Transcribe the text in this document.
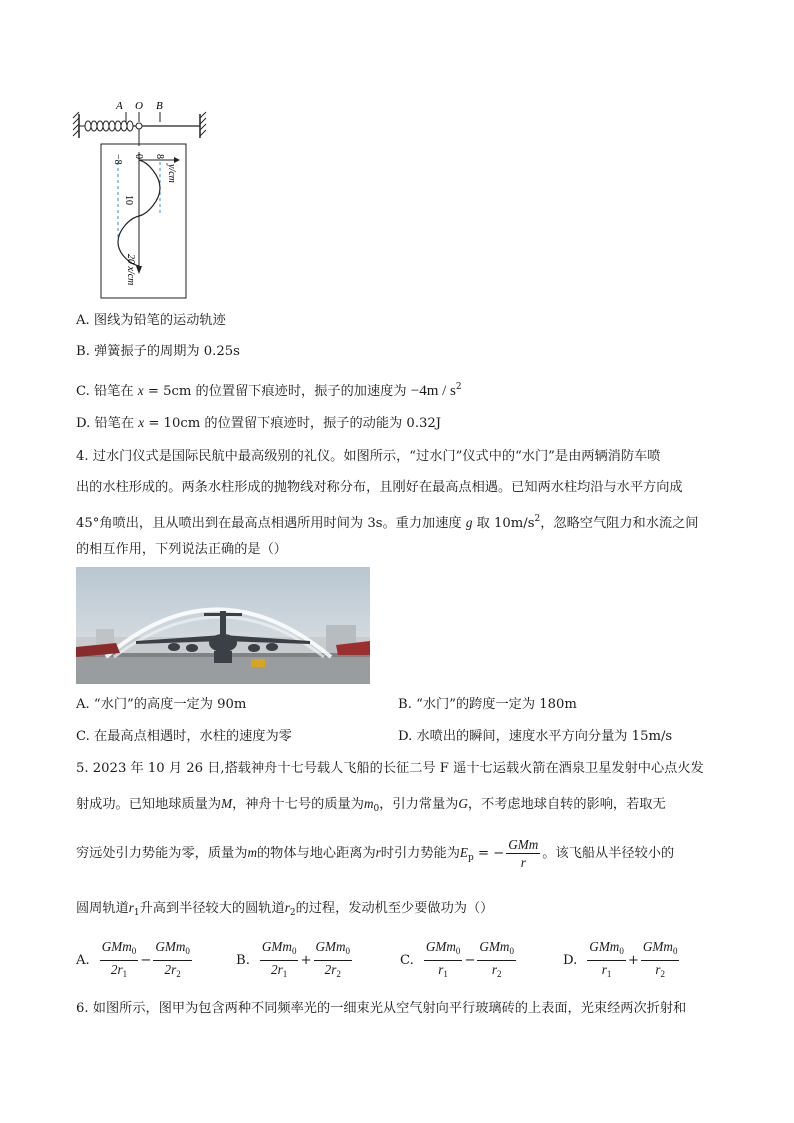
A O B
−8 0 8
10
y/cm
20 x/cm
A. 图线为铅笔的运动轨迹
B. 弹簧振子的周期为 0.25s
C. 铅笔在 x = 5cm 的位置留下痕迹时，振子的加速度为 $-4m / s^2$
D. 铅笔在 x = 10cm 的位置留下痕迹时，振子的动能为 0.32J
4. 过水门仪式是国际民航中最高级别的礼仪。如图所示，“过水门”仪式中的“水门”是由两辆消防车喷
出的水柱形成的。两条水柱形成的抛物线对称分布，且刚好在最高点相遇。已知两水柱均沿与水平方向成
45°角喷出，且从喷出到在最高点相遇所用时间为 3s。重力加速度 g 取 $10m/s^2$，忽略空气阻力和水流之间
的相互作用，下列说法正确的是（）
A. “水门”的高度一定为 90m	B. “水门”的跨度一定为 180m
C. 在最高点相遇时，水柱的速度为零	D. 水喷出的瞬间，速度水平方向分量为 15m/s
5. 2023 年 10 月 26 日,搭载神舟十七号载人飞船的长征二号 F 遥十七运载火箭在酒泉卫星发射中心点火发
射成功。已知地球质量为M，神舟十七号的质量为$m_0$，引力常量为G，不考虑地球自转的影响，若取无
穷远处引力势能为零，质量为m的物体与地心距离为r时引力势能为$E_p$ = − $\frac{\text{GMm}}{r}$ 。该飞船从半径较小的
圆周轨道$r_1$升高到半径较大的圆轨道$r_2$的过程，发动机至少要做功为（）
A. $\frac{GMm_0}{2r_1} - \frac{GMm_0}{2r_2}$	B. $\frac{GMm_0}{2r_1} + \frac{GMm_0}{2r_2}$	C. $\frac{GMm_0}{r_1} - \frac{GMm_0}{r_2}$	D. $\frac{GMm_0}{r_1} + \frac{GMm_0}{r_2}$
6. 如图所示，图甲为包含两种不同频率光的一细束光从空气射向平行玻璃砖的上表面，光束经两次折射和
